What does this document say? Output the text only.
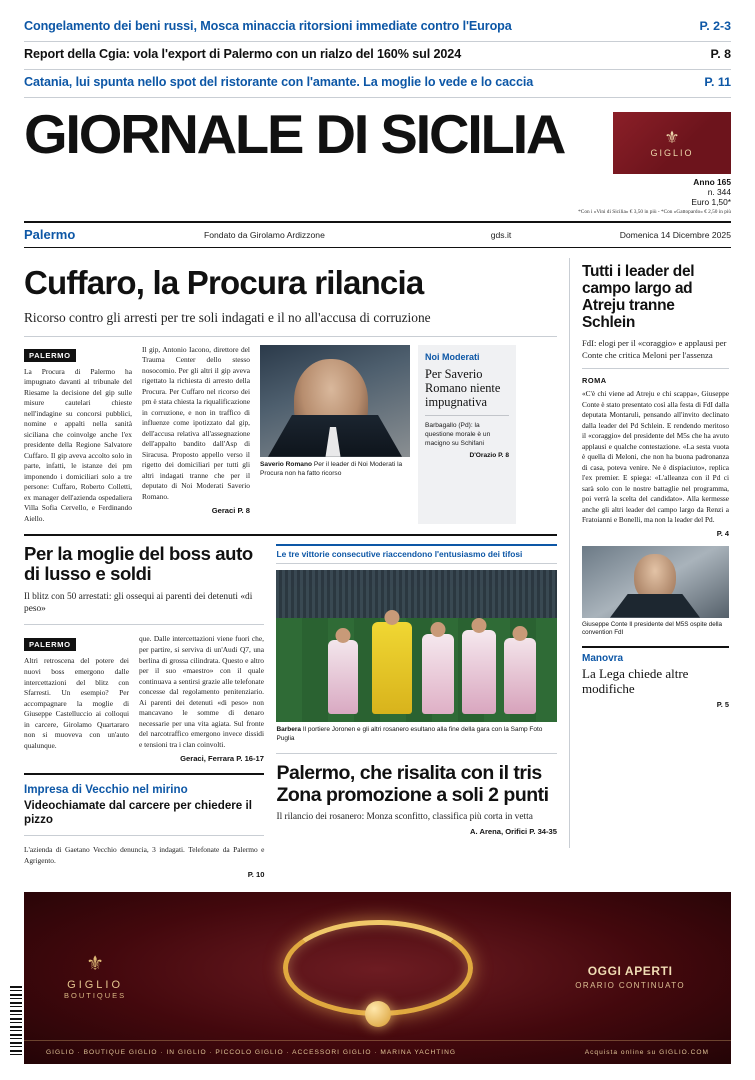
Congelamento dei beni russi, Mosca minaccia ritorsioni immediate contro l'Europa	P. 2-3
Report della Cgia: vola l'export di Palermo con un rialzo del 160% sul 2024	P. 8
Catania, lui spunta nello spot del ristorante con l'amante. La moglie lo vede e lo caccia	P. 11
GIORNALE DI SICILIA	⚜
GIGLIO
Anno 165
n. 344
Euro 1,50*
*Con i «Vini di Sicilia» € 3,50 in più - *Con «Gattopardo» € 2,50 in più
Palermo	Fondato da Girolamo Ardizzone	gds.it	Domenica 14 Dicembre 2025
Cuffaro, la Procura rilancia
Ricorso contro gli arresti per tre soli indagati e il no all'accusa di corruzione
PALERMO
La Procura di Palermo ha impugnato davanti al tribunale del Riesame la decisione del gip sulle misure cautelari chieste nell'indagine su concorsi pubblici, nomine e appalti nella sanità siciliana che coinvolge anche l'ex presidente della Regione Salvatore Cuffaro. Il gip aveva accolto solo in parte, infatti, le istanze dei pm imponendo i domiciliari solo a tre persone: Cuffaro, Roberto Colletti, ex manager dell'azienda ospedaliera Villa Sofia Cervello, e Ferdinando Aiello.
Il gip, Antonio Iacono, direttore del Trauma Center dello stesso nosocomio. Per gli altri il gip aveva rigettato la richiesta di arresto della Procura. Per Cuffaro nel ricorso dei pm è stata chiesta la riqualificazione in corruzione, e non in traffico di influenze come ipotizzato dal gip, dell'accusa relativa all'assegnazione dell'appalto bandito dall'Asp di Siracusa. Proposto appello verso il rigetto dei domiciliari per tutti gli altri indagati tranne che per il deputato di Noi Moderati Saverio Romano.
Geraci P. 8
Saverio Romano Per il leader di Noi Moderati la Procura non ha fatto ricorso
Noi Moderati
Per Saverio Romano niente impugnativa
Barbagallo (Pd): la questione morale è un macigno su Schifani
D'Orazio P. 8
Per la moglie del boss auto di lusso e soldi
Il blitz con 50 arrestati: gli ossequi ai parenti dei detenuti «di peso»
PALERMO
Altri retroscena del potere dei nuovi boss emergono dalle intercettazioni del blitz con Sfarresti. Un esempio? Per accompagnare la moglie di Giuseppe Castelluccio ai colloqui in carcere, Girolamo Quartararo non si muoveva con un'auto qualunque.
que. Dalle intercettazioni viene fuori che, per partire, si serviva di un'Audi Q7, una berlina di grossa cilindrata. Questo e altro per il suo «maestro» con il quale continuava a sentirsi grazie alle telefonate concesse dal regolamento penitenziario. Ai parenti dei detenuti «di peso» non mancavano le somme di denaro necessarie per una vita agiata. Sul fronte del narcotraffico emergono invece dissidi e tensioni tra i clan coinvolti.
Geraci, Ferrara P. 16-17
Impresa di Vecchio nel mirino
Videochiamate dal carcere per chiedere il pizzo
L'azienda di Gaetano Vecchio denuncia, 3 indagati. Telefonate da Palermo e Agrigento.
P. 10
Le tre vittorie consecutive riaccendono l'entusiasmo dei tifosi
Barbera Il portiere Joronen e gli altri rosanero esultano alla fine della gara con la Samp Foto Puglia
Palermo, che risalita con il tris
Zona promozione a soli 2 punti
Il rilancio dei rosanero: Monza sconfitto, classifica più corta in vetta
A. Arena, Orifici P. 34-35
Tutti i leader del campo largo ad Atreju tranne Schlein
FdI: elogi per il «coraggio» e applausi per Conte che critica Meloni per l'assenza
ROMA
«C'è chi viene ad Atreju e chi scappa», Giuseppe Conte è stato presentato così alla festa di FdI dalla deputata Montaruli, pensando all'invito declinato dalla leader del Pd Schlein. E rendendo meritoso il «coraggio» del presidente del M5s che ha avuto applausi e qualche contestazione. «La sesta vuota è quella di Meloni, che non ha buona padronanza di casa, poteva venire. Ne è dispiaciuto», replica l'ex premier. E spiega: «L'alleanza con il Pd ci sarà solo con le nostre battaglie nel programma, poi verrà la scelta del candidato». Alla kermesse anche gli altri leader del campo largo da Renzi a Fratoianni e Bonelli, ma non la leader del Pd.
P. 4
Giuseppe Conte Il presidente del M5S ospite della convention FdI
Manovra
La Lega chiede altre modifiche
P. 5
⚜
GIGLIO
BOUTIQUES
OGGI APERTI
ORARIO CONTINUATO
GIGLIO · BOUTIQUE GIGLIO · IN GIGLIO · PICCOLO GIGLIO · ACCESSORI GIGLIO · MARINA YACHTING	Acquista online su GIGLIO.COM
